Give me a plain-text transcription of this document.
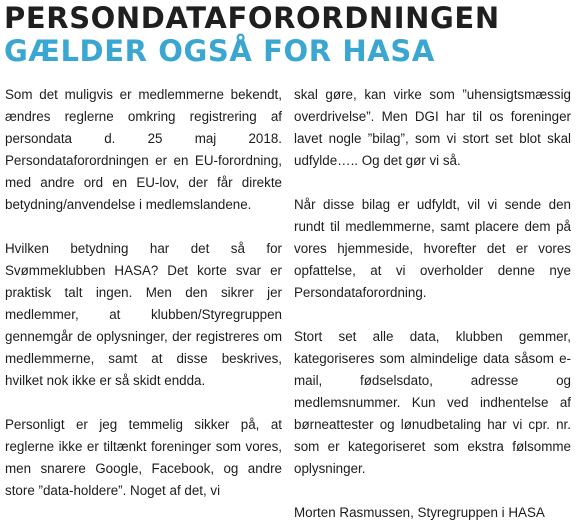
PERSONDATAFORORDNINGEN
GÆLDER OGSÅ FOR HASA

Som det muligvis er medlemmerne bekendt, ændres reglerne omkring registrering af persondata d. 25 maj 2018. Persondataforordningen er en EU-forordning, med andre ord en EU-lov, der får direkte betydning/anvendelse i medlemslandene.

Hvilken betydning har det så for Svømmeklubben HASA? Det korte svar er praktisk talt ingen. Men den sikrer jer medlemmer, at klubben/Styregruppen gennemgår de oplysninger, der registreres om medlemmerne, samt at disse beskrives, hvilket nok ikke er så skidt endda.

Personligt er jeg temmelig sikker på, at reglerne ikke er tiltænkt foreninger som vores, men snarere Google, Facebook, og andre store ”data-holdere”. Noget af det, vi

skal gøre, kan virke som ”uhensigtsmæssig overdrivelse”. Men DGI har til os foreninger lavet nogle ”bilag”, som vi stort set blot skal udfylde….. Og det gør vi så.

Når disse bilag er udfyldt, vil vi sende den rundt til medlemmerne, samt placere dem på vores hjemmeside, hvorefter det er vores opfattelse, at vi overholder denne nye Persondataforordning.

Stort set alle data, klubben gemmer, kategoriseres som almindelige data såsom e-mail, fødselsdato, adresse og medlemsnummer. Kun ved indhentelse af børneattester og lønudbetaling har vi cpr. nr. som er kategoriseret som ekstra følsomme oplysninger.

Morten Rasmussen, Styregruppen i HASA
